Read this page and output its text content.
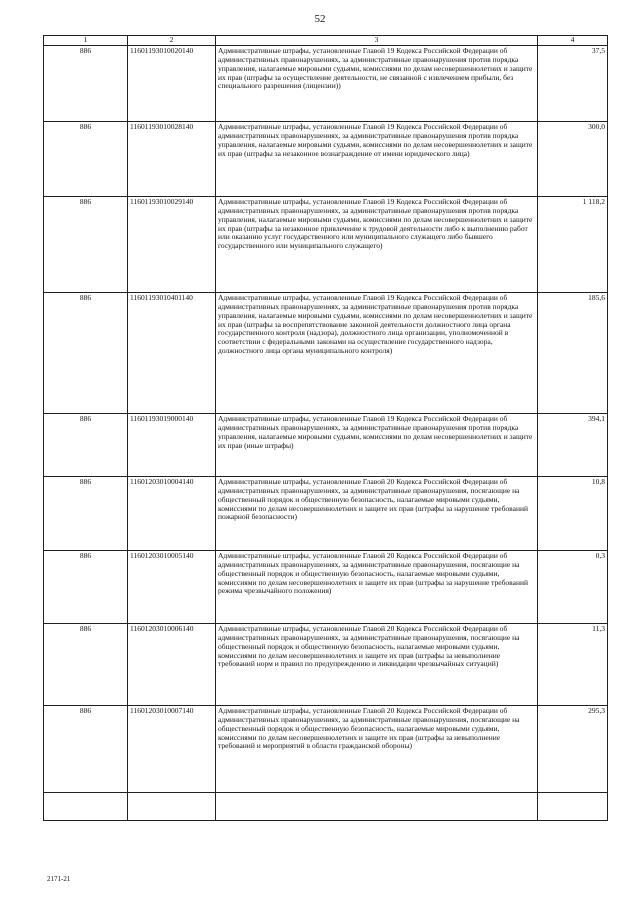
52
1	2	3	4
886	11601193010020140	Административные штрафы, установленные Главой 19 Кодекса Российской Федерации об административных правонарушениях, за административные правонарушения против порядка управления, налагаемые мировыми судьями, комиссиями по делам несовершеннолетних и защите их прав (штрафы за осуществление деятельности, не связанной с извлечением прибыли, без специального разрешения (лицензии))	37,5
886	11601193010028140	Административные штрафы, установленные Главой 19 Кодекса Российской Федерации об административных правонарушениях, за административные правонарушения против порядка управления, налагаемые мировыми судьями, комиссиями по делам несовершеннолетних и защите их прав (штрафы за незаконное вознаграждение от имени юридического лица)	300,0
886	11601193010029140	Административные штрафы, установленные Главой 19 Кодекса Российской Федерации об административных правонарушениях, за административные правонарушения против порядка управления, налагаемые мировыми судьями, комиссиями по делам несовершеннолетних и защите их прав (штрафы за незаконное привлечение к трудовой деятельности либо к выполнению работ или оказанию услуг государственного или муниципального служащего либо бывшего государственного или муниципального служащего)	1 118,2
886	11601193010401140	Административные штрафы, установленные Главой 19 Кодекса Российской Федерации об административных правонарушениях, за административные правонарушения против порядка управления, налагаемые мировыми судьями, комиссиями по делам несовершеннолетних и защите их прав (штрафы за воспрепятствование законной деятельности должностного лица органа государственного контроля (надзора), должностного лица организации, уполномоченной в соответствии с федеральными законами на осуществление государственного надзора, должностного лица органа муниципального контроля)	185,6
886	11601193019000140	Административные штрафы, установленные Главой 19 Кодекса Российской Федерации об административных правонарушениях, за административные правонарушения против порядка управления, налагаемые мировыми судьями, комиссиями по делам несовершеннолетних и защите их прав (иные штрафы)	394,1
886	11601203010004140	Административные штрафы, установленные Главой 20 Кодекса Российской Федерации об административных правонарушениях, за административные правонарушения, посягающие на общественный порядок и общественную безопасность, налагаемые мировыми судьями, комиссиями по делам несовершеннолетних и защите их прав (штрафы за нарушение требований пожарной безопасности)	10,8
886	11601203010005140	Административные штрафы, установленные Главой 20 Кодекса Российской Федерации об административных правонарушениях, за административные правонарушения, посягающие на общественный порядок и общественную безопасность, налагаемые мировыми судьями, комиссиями по делам несовершеннолетних и защите их прав (штрафы за нарушение требований режима чрезвычайного положения)	0,3
886	11601203010006140	Административные штрафы, установленные Главой 20 Кодекса Российской Федерации об административных правонарушениях, за административные правонарушения, посягающие на общественный порядок и общественную безопасность, налагаемые мировыми судьями, комиссиями по делам несовершеннолетних и защите их прав (штрафы за невыполнение требований норм и правил по предупреждению и ликвидации чрезвычайных ситуаций)	11,3
886	11601203010007140	Административные штрафы, установленные Главой 20 Кодекса Российской Федерации об административных правонарушениях, за административные правонарушения, посягающие на общественный порядок и общественную безопасность, налагаемые мировыми судьями, комиссиями по делам несовершеннолетних и защите их прав (штрафы за невыполнение требований и мероприятий в области гражданской обороны)	295,3

2171-21
